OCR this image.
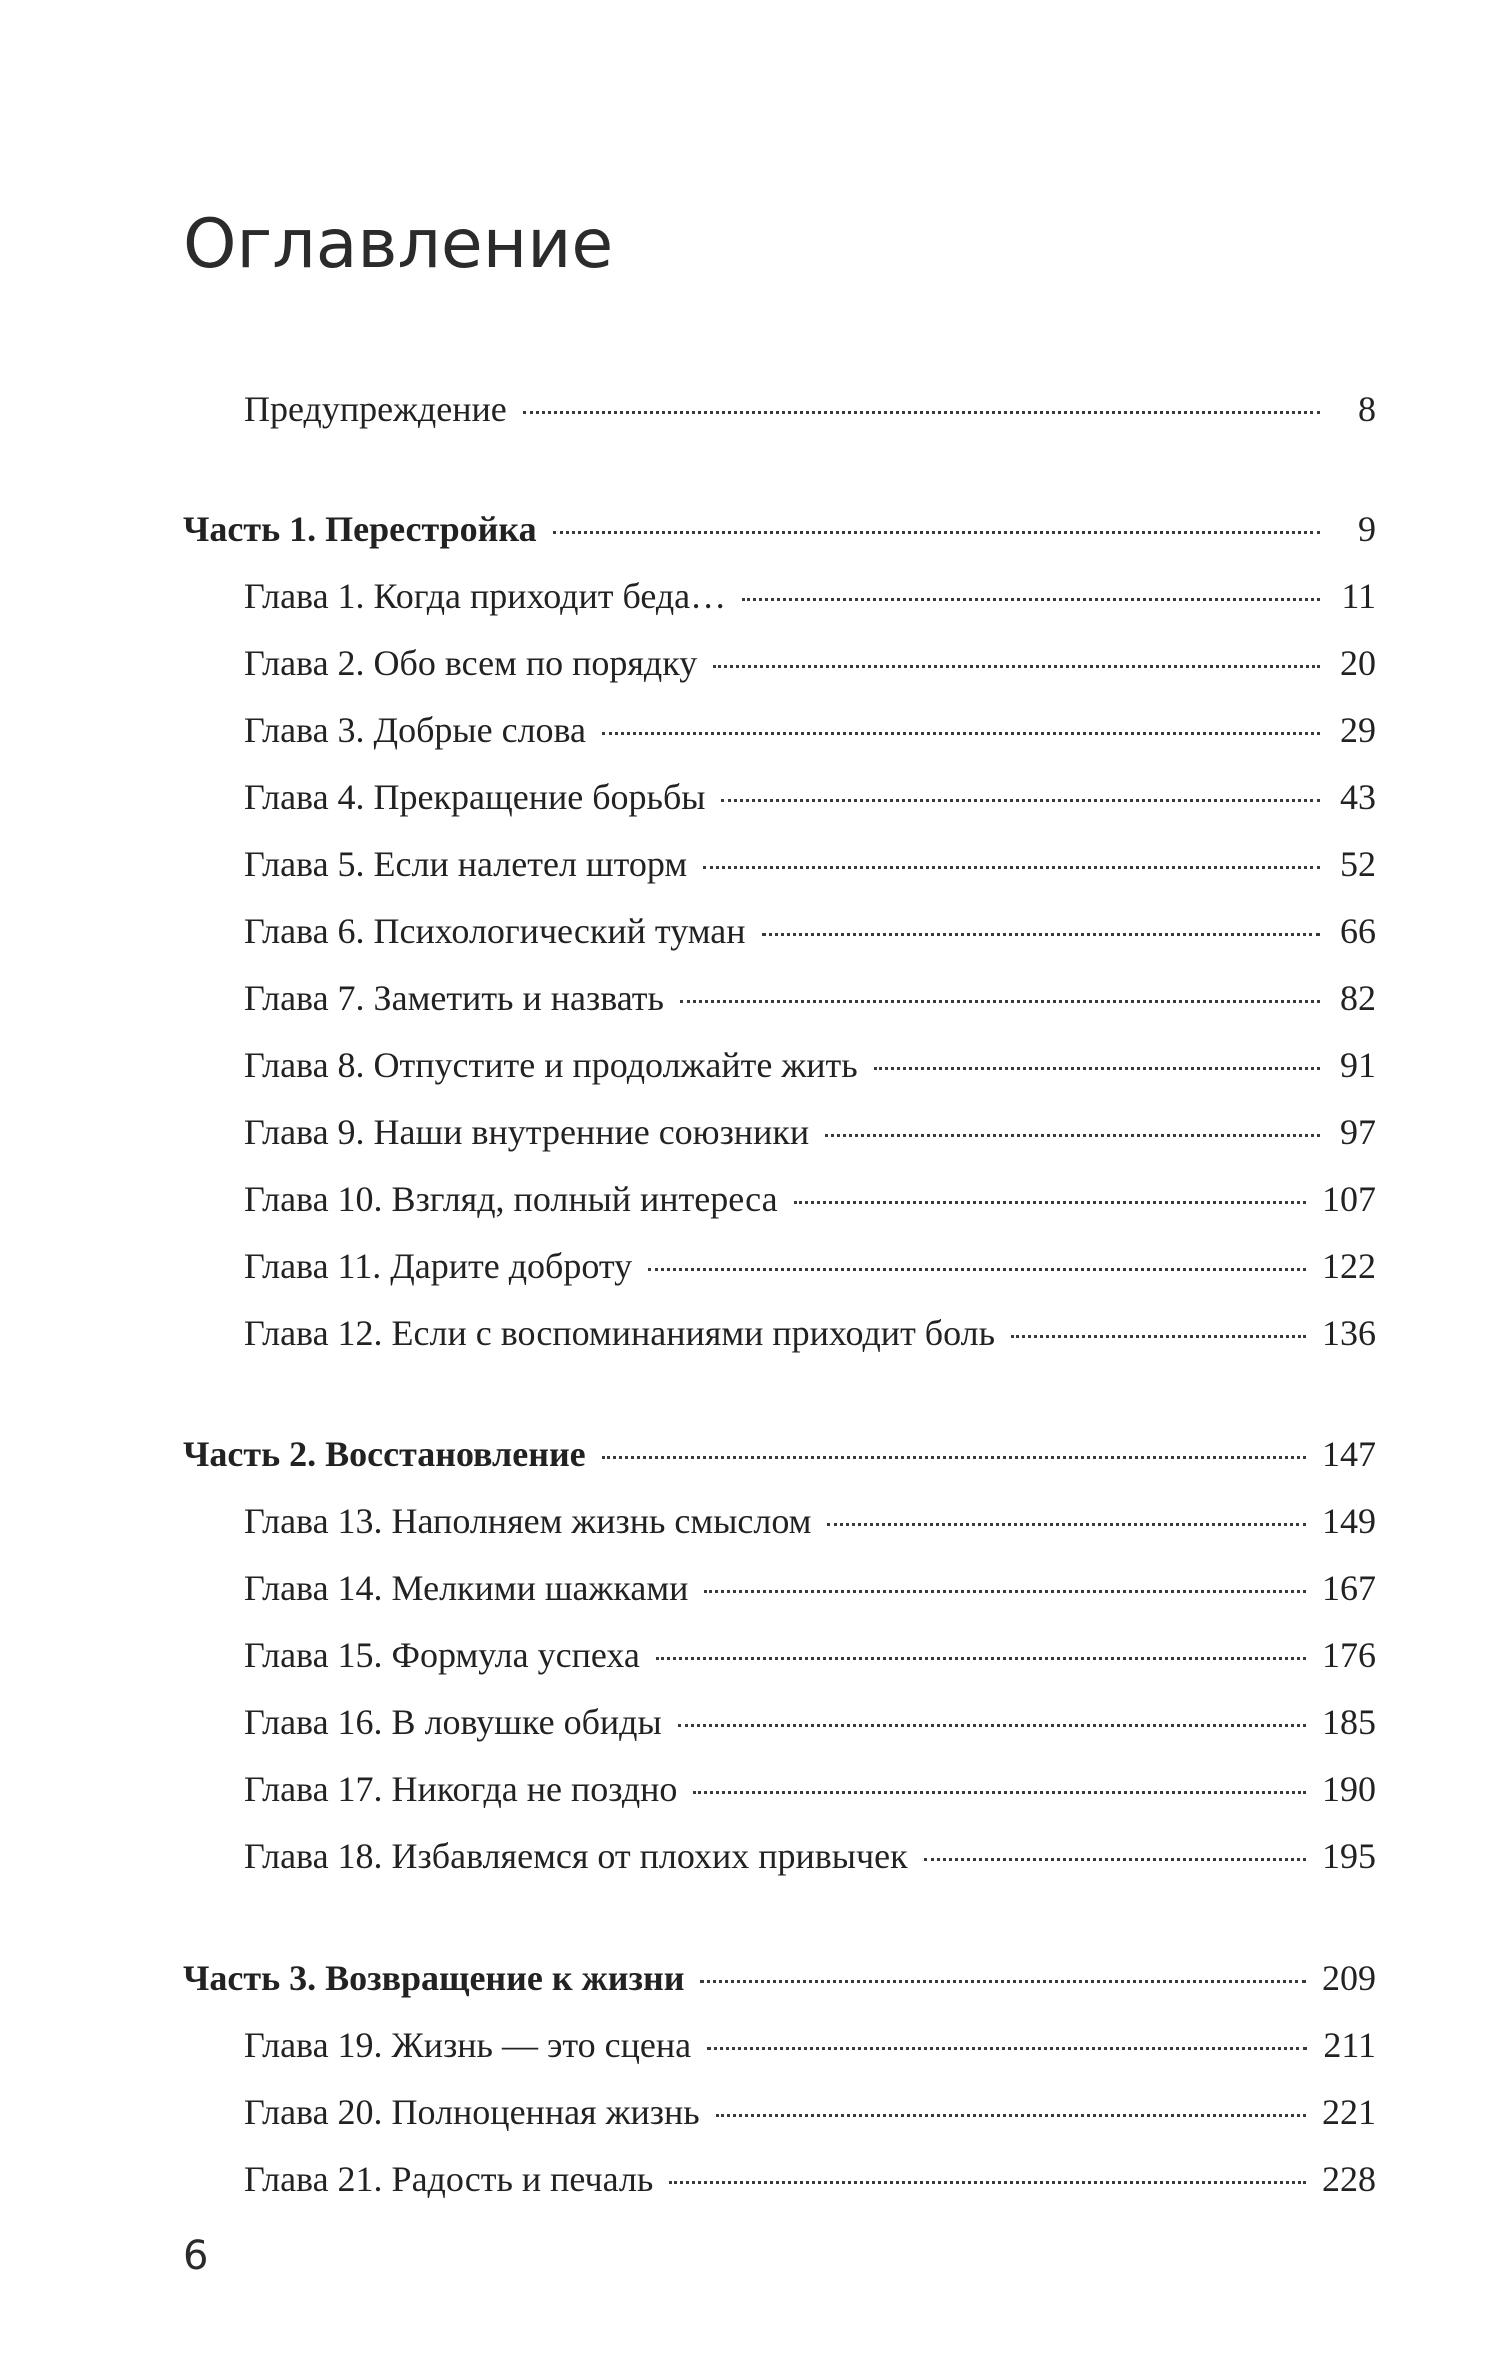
Оглавление
Предупреждение	8
Часть 1. Перестройка	9
Глава 1. Когда приходит беда…	11
Глава 2. Обо всем по порядку	20
Глава 3. Добрые слова	29
Глава 4. Прекращение борьбы	43
Глава 5. Если налетел шторм	52
Глава 6. Психологический туман	66
Глава 7. Заметить и назвать	82
Глава 8. Отпустите и продолжайте жить	91
Глава 9. Наши внутренние союзники	97
Глава 10. Взгляд, полный интереса	107
Глава 11. Дарите доброту	122
Глава 12. Если с воспоминаниями приходит боль	136
Часть 2. Восстановление	147
Глава 13. Наполняем жизнь смыслом	149
Глава 14. Мелкими шажками	167
Глава 15. Формула успеха	176
Глава 16. В ловушке обиды	185
Глава 17. Никогда не поздно	190
Глава 18. Избавляемся от плохих привычек	195
Часть 3. Возвращение к жизни	209
Глава 19. Жизнь — это сцена	211
Глава 20. Полноценная жизнь	221
Глава 21. Радость и печаль	228
6
